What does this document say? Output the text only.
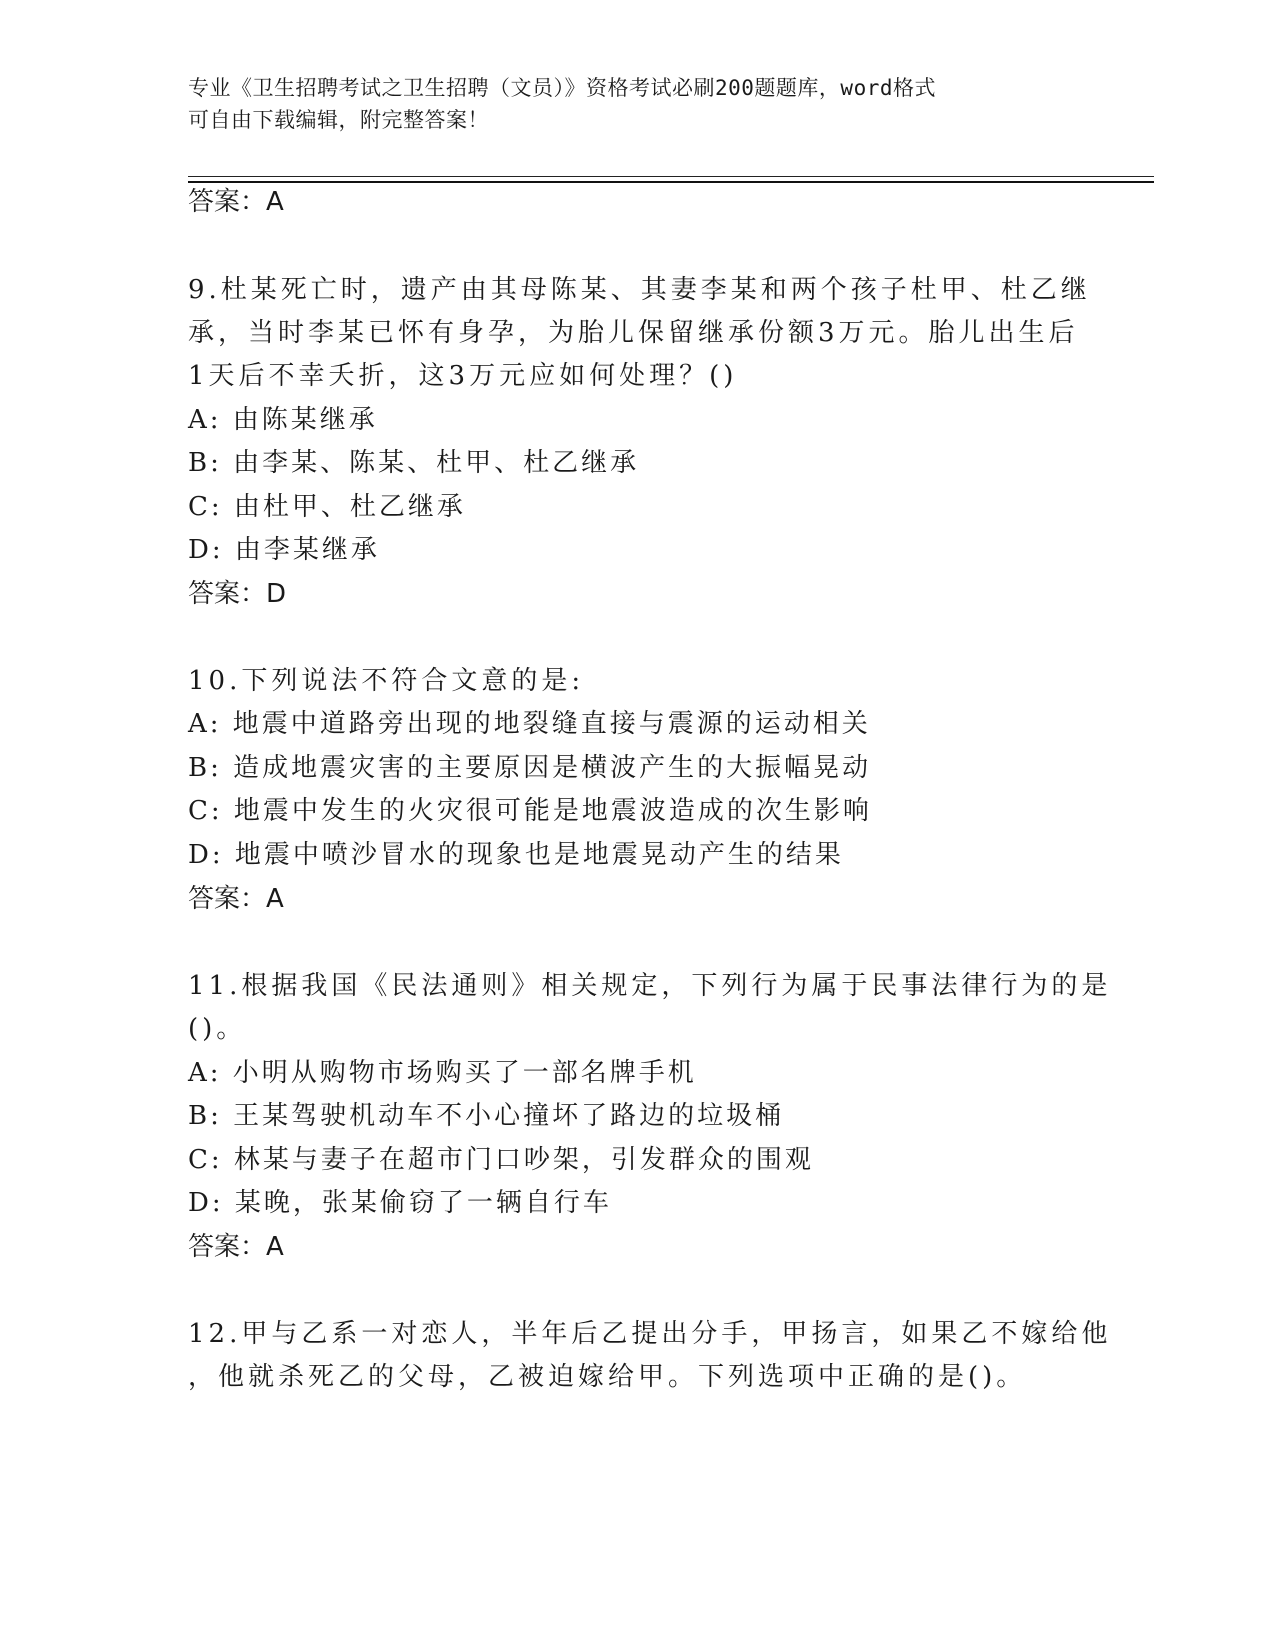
专业《卫生招聘考试之卫生招聘（文员）》资格考试必刷200题题库，word格式
可自由下载编辑，附完整答案！
答案：A
9.杜某死亡时，遗产由其母陈某、其妻李某和两个孩子杜甲、杜乙继
承，当时李某已怀有身孕，为胎儿保留继承份额3万元。胎儿出生后
1天后不幸夭折，这3万元应如何处理？()
A: 由陈某继承
B: 由李某、陈某、杜甲、杜乙继承
C: 由杜甲、杜乙继承
D: 由李某继承
答案：D
10.下列说法不符合文意的是:
A: 地震中道路旁出现的地裂缝直接与震源的运动相关
B: 造成地震灾害的主要原因是横波产生的大振幅晃动
C: 地震中发生的火灾很可能是地震波造成的次生影响
D: 地震中喷沙冒水的现象也是地震晃动产生的结果
答案：A
11.根据我国《民法通则》相关规定，下列行为属于民事法律行为的是
()。
A: 小明从购物市场购买了一部名牌手机
B: 王某驾驶机动车不小心撞坏了路边的垃圾桶
C: 林某与妻子在超市门口吵架，引发群众的围观
D: 某晚，张某偷窃了一辆自行车
答案：A
12.甲与乙系一对恋人，半年后乙提出分手，甲扬言，如果乙不嫁给他
，他就杀死乙的父母，乙被迫嫁给甲。下列选项中正确的是()。
